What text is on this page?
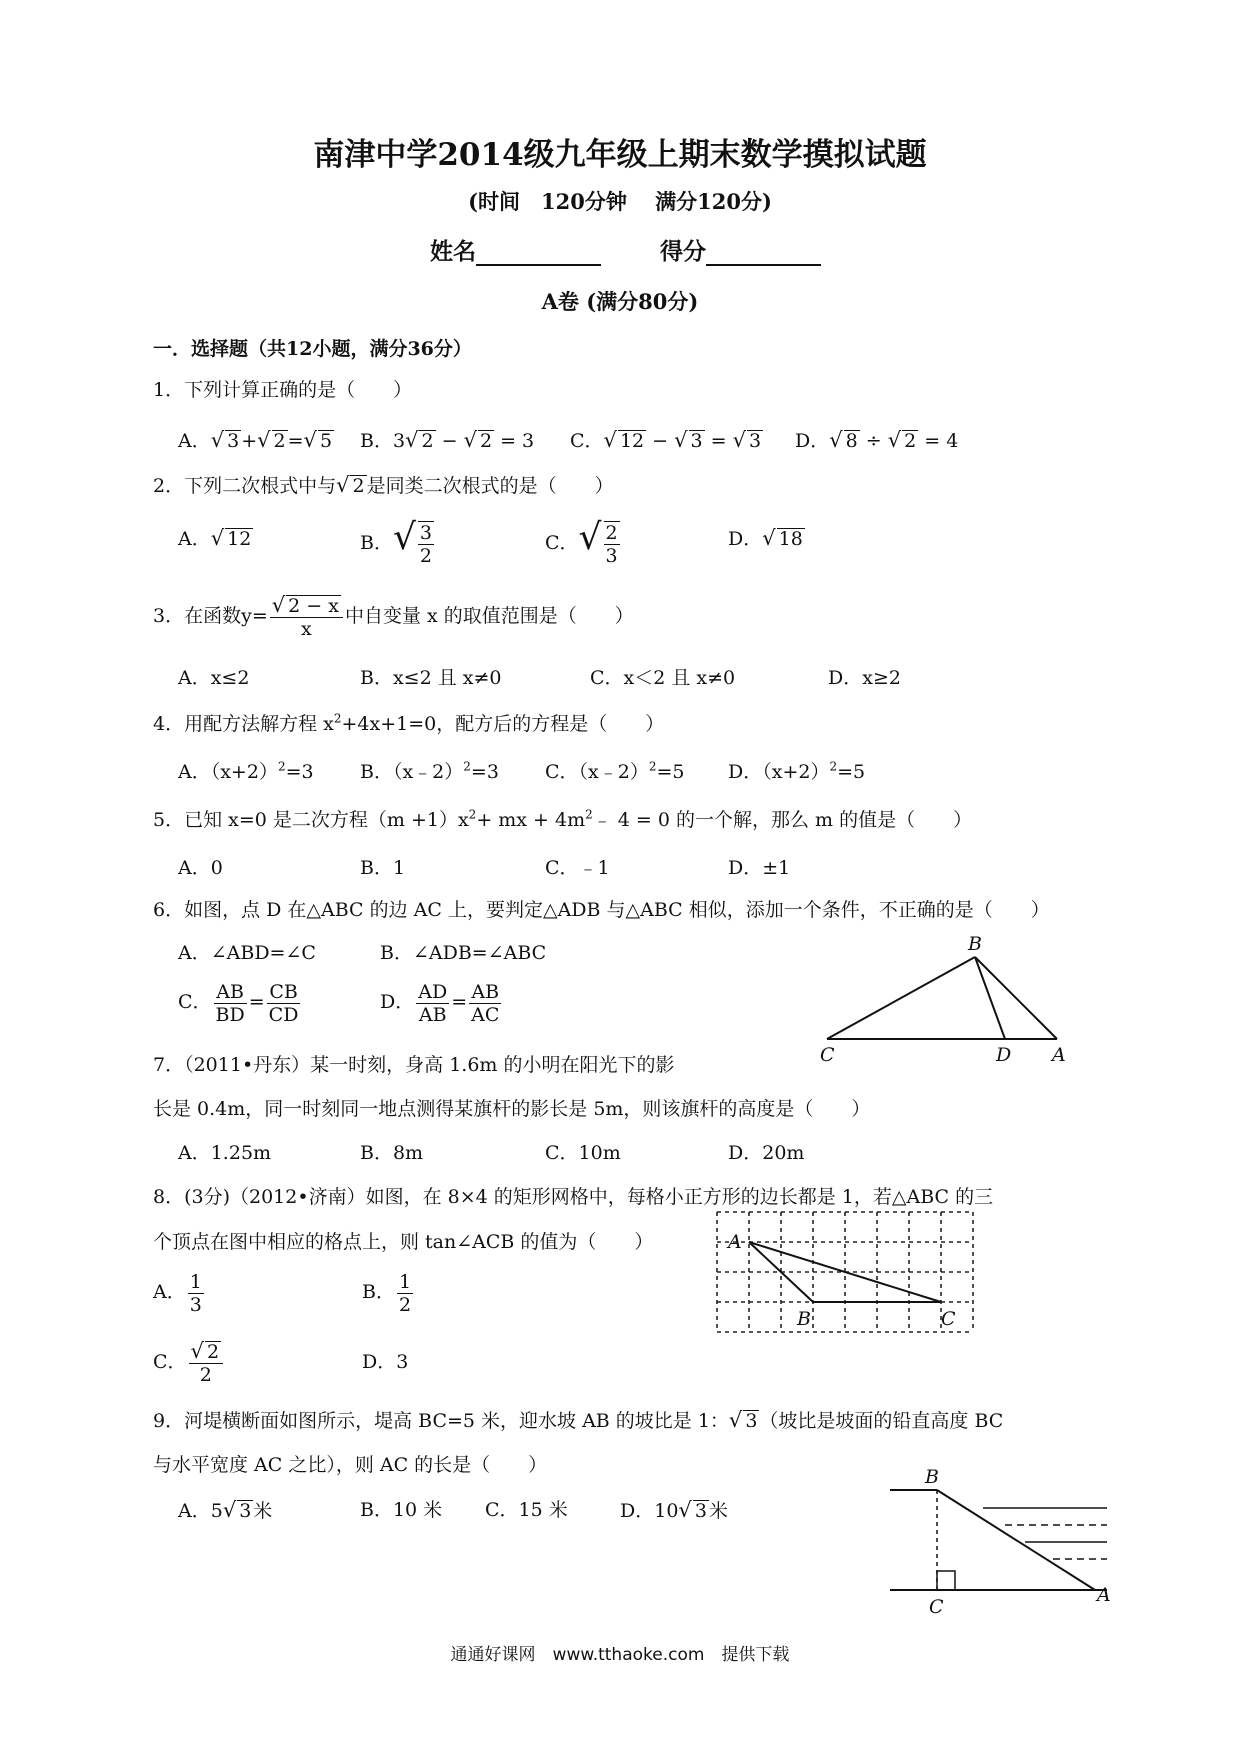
南津中学2014级九年级上期末数学摸拟试题
(时间　120分钟　 满分120分)
姓名	得分
A卷 (满分80分)
一．选择题（共12小题，满分36分）
1．下列计算正确的是（　　）
A．√ 3 +√ 2 =√ 5 B．3√ 2 − √ 2 = 3 C．√ 12 − √ 3 = √ 3 D．√ 8 ÷ √ 2 = 4
2．下列二次根式中与√ 2 是同类二次根式的是（　　）
A．√ 12	B．√ $\frac{3}{2}$	C．√ $\frac{2}{3}$	D．√ 18
3．在函数$y= \frac{√ 2 - x}{x}$ 中自变量 x 的取值范围是（　　）
A．x≤2	B．x≤2 且 x≠0	C．x＜2 且 x≠0	D．x≥2
4．用配方法解方程 $x^2+4x+1=0$，配方后的方程是（　　）
A．$(x+2)^2=3$ B．（x﹣2）$^2$=3 C．（x﹣2）$^2$=5 D．$(x+2)^2=5$
5．已知 x=0 是二次方程$(m +1)x^2+$ mx + $4m^2﹣$ 4 = 0 的一个解，那么 m 的值是（　　）
A．0	B．1	C．﹣1	D．±1
6．如图，点 D 在△ABC 的边 AC 上，要判定△ADB 与△ABC 相似，添加一个条件，不正确的是（　　）
A．∠ABD=∠C	B．∠ADB=∠ABC
C． $\frac{AB}{BD} = \frac{CB}{CD}$	D． $\frac{AD}{AB} = \frac{AB}{AC}$
B
C	D A
7．（2011•丹东）某一时刻，身高 1.6m 的小明在阳光下的影
长是 0.4m，同一时刻同一地点测得某旗杆的影长是 5m，则该旗杆的高度是（　　）
A．1.25m	B．8m	C．10m	D．20m
8．(3分)（2012•济南）如图，在 8×4 的矩形网格中，每格小正方形的边长都是 1，若△ABC 的三
个顶点在图中相应的格点上，则 tan∠ACB 的值为（　　）
A． $\frac{1}{3}$	B． $\frac{1}{2}$
C． $\frac{√ 2}{2}$	D．3
A
B	C
9．河堤横断面如图所示，堤高 BC=5 米，迎水坡 AB 的坡比是 1：√ 3 （坡比是坡面的铅直高度 BC
与水平宽度 AC 之比），则 AC 的长是（　　）
A．5√ 3 米	B．10 米 C．15 米	D．10√ 3 米
B
C
A
通通好课网　www.tthaoke.com　提供下载
